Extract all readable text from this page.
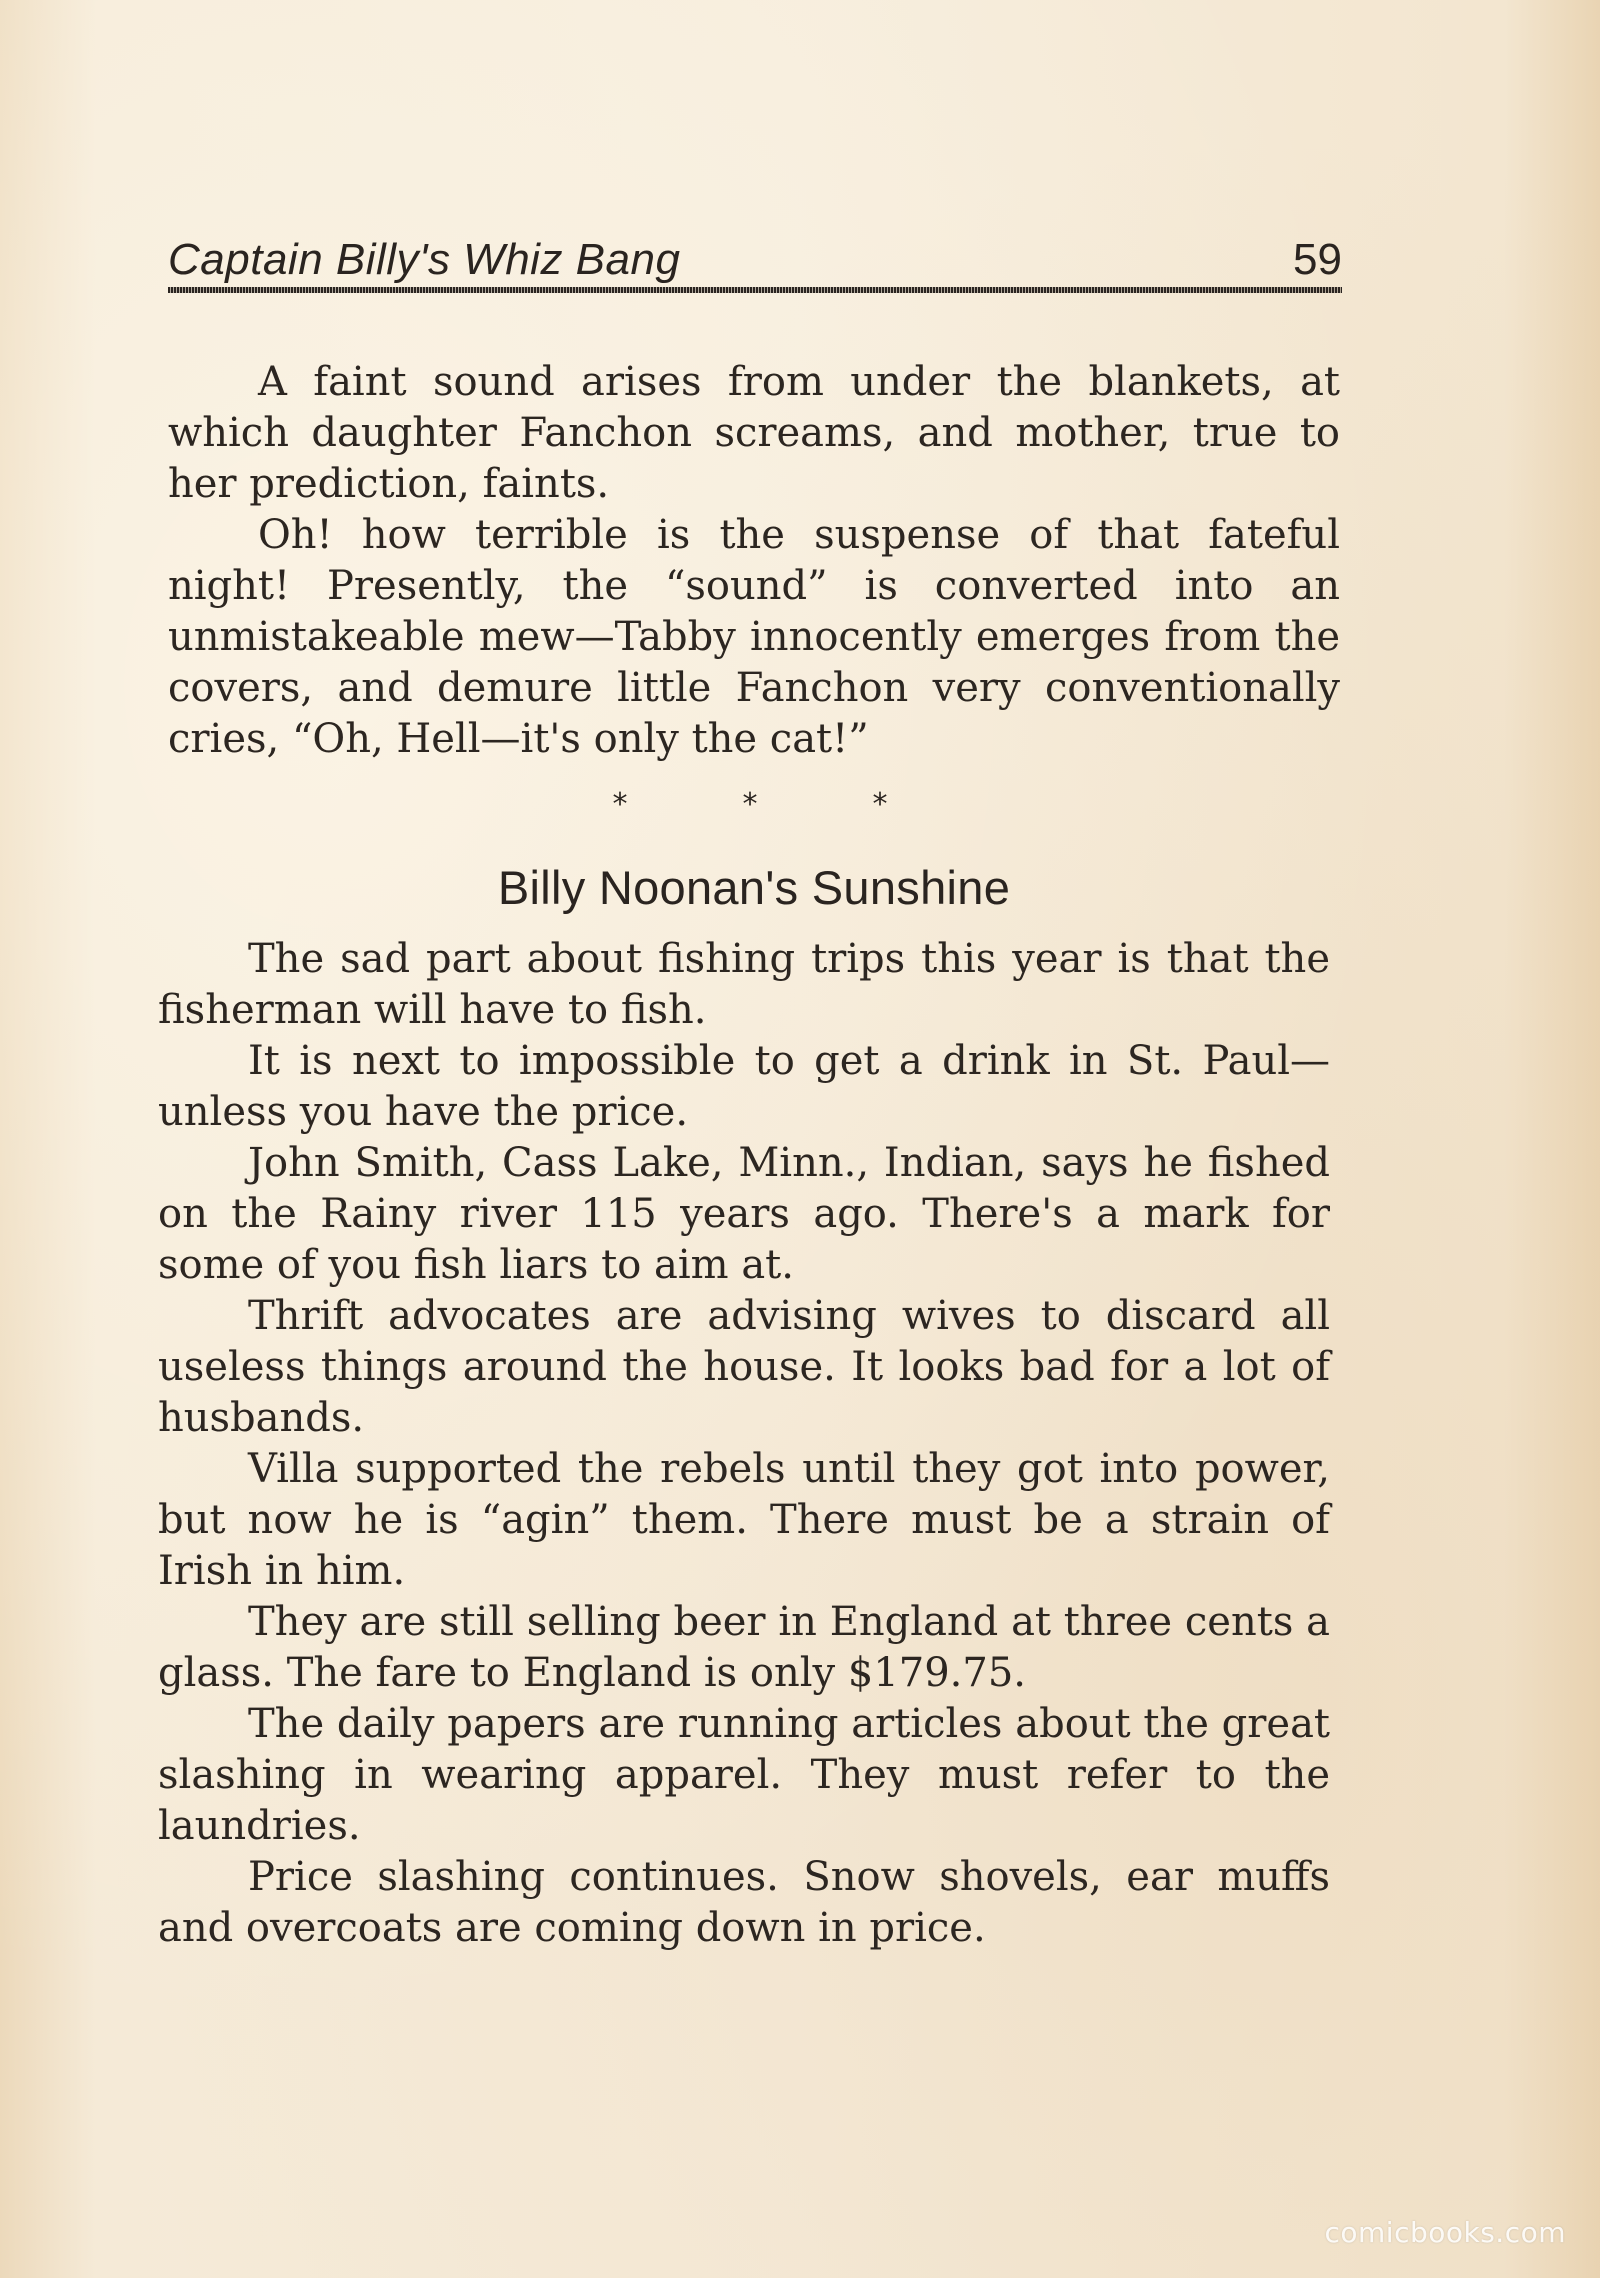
Captain Billy's Whiz Bang	59

A faint sound arises from under the blankets, at which daughter Fanchon screams, and mother, true to her prediction, faints.

Oh! how terrible is the suspense of that fateful night! Presently, the “sound” is converted into an unmistakeable mew—Tabby innocently emerges from the covers, and demure little Fanchon very conventionally cries, “Oh, Hell—it's only the cat!”

*	*	*
Billy Noonan's Sunshine

The sad part about fishing trips this year is that the fisherman will have to fish.

It is next to impossible to get a drink in St. Paul—unless you have the price.

John Smith, Cass Lake, Minn., Indian, says he fished on the Rainy river 115 years ago. There's a mark for some of you fish liars to aim at.

Thrift advocates are advising wives to discard all useless things around the house. It looks bad for a lot of husbands.

Villa supported the rebels until they got into power, but now he is “agin” them. There must be a strain of Irish in him.

They are still selling beer in England at three cents a glass. The fare to England is only $179.75.

The daily papers are running articles about the great slashing in wearing apparel. They must refer to the laundries.

Price slashing continues. Snow shovels, ear muffs and overcoats are coming down in price.

comicbooks.com
